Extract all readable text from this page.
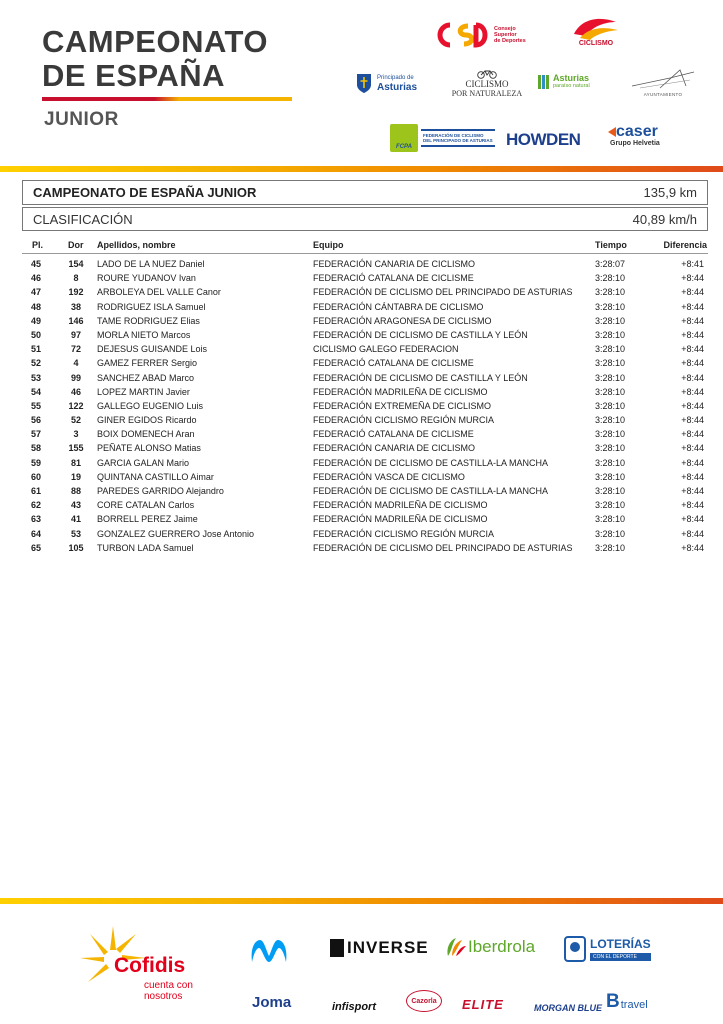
CAMPEONATO
DE ESPAÑA
JUNIOR
Consejo
Superior
de Deportes	CICLISMO
Principado de
Asturias	CICLISMO
POR NATURALEZA
Asturias
paraíso natural
AYUNTAMIENTO
FCPA
FEDERACIÓN DE CICLISMO
DEL PRINCIPADO DE ASTURIAS HOWDEN caser
Grupo Helvetia
CAMPEONATO DE ESPAÑA JUNIOR	135,9 km
CLASIFICACIÓN	40,89 km/h
Pl.	Dor	Apellidos, nombre	Equipo	Tiempo	Diferencia
45	154	LADO DE LA NUEZ Daniel	FEDERACIÓN CANARIA DE CICLISMO	3:28:07	+8:41
46	8	ROURE YUDANOV Ivan	FEDERACIÓ CATALANA DE CICLISME	3:28:10	+8:44
47	192	ARBOLEYA DEL VALLE Canor	FEDERACIÓN DE CICLISMO DEL PRINCIPADO DE ASTURIAS	3:28:10	+8:44
48	38	RODRIGUEZ ISLA Samuel	FEDERACIÓN CÁNTABRA DE CICLISMO	3:28:10	+8:44
49	146	TAME RODRIGUEZ Elias	FEDERACIÓN ARAGONESA DE CICLISMO	3:28:10	+8:44
50	97	MORLA NIETO Marcos	FEDERACIÓN DE CICLISMO DE CASTILLA Y LEÓN	3:28:10	+8:44
51	72	DEJESUS GUISANDE Lois	CICLISMO GALEGO FEDERACION	3:28:10	+8:44
52	4	GAMEZ FERRER Sergio	FEDERACIÓ CATALANA DE CICLISME	3:28:10	+8:44
53	99	SANCHEZ ABAD Marco	FEDERACIÓN DE CICLISMO DE CASTILLA Y LEÓN	3:28:10	+8:44
54	46	LOPEZ MARTIN Javier	FEDERACIÓN MADRILEÑA DE CICLISMO	3:28:10	+8:44
55	122	GALLEGO EUGENIO Luis	FEDERACIÓN EXTREMEÑA DE CICLISMO	3:28:10	+8:44
56	52	GINER EGIDOS Ricardo	FEDERACIÓN CICLISMO REGIÓN MURCIA	3:28:10	+8:44
57	3	BOIX DOMENECH Aran	FEDERACIÓ CATALANA DE CICLISME	3:28:10	+8:44
58	155	PEÑATE ALONSO Matias	FEDERACIÓN CANARIA DE CICLISMO	3:28:10	+8:44
59	81	GARCIA GALAN Mario	FEDERACIÓN DE CICLISMO DE CASTILLA-LA MANCHA	3:28:10	+8:44
60	19	QUINTANA CASTILLO Aimar	FEDERACIÓN VASCA DE CICLISMO	3:28:10	+8:44
61	88	PAREDES GARRIDO Alejandro	FEDERACIÓN DE CICLISMO DE CASTILLA-LA MANCHA	3:28:10	+8:44
62	43	CORE CATALAN Carlos	FEDERACIÓN MADRILEÑA DE CICLISMO	3:28:10	+8:44
63	41	BORRELL PEREZ Jaime	FEDERACIÓN MADRILEÑA DE CICLISMO	3:28:10	+8:44
64	53	GONZALEZ GUERRERO Jose Antonio	FEDERACIÓN CICLISMO REGIÓN MURCIA	3:28:10	+8:44
65	105	TURBON LADA Samuel	FEDERACIÓN DE CICLISMO DEL PRINCIPADO DE ASTURIAS	3:28:10	+8:44
Cofidis
cuenta con
nosotros
INVERSE Iberdrola	LOTERÍAS
CON EL DEPORTE
Joma	infisport	Cazorla ELITE	MORGAN BLUE B travel
